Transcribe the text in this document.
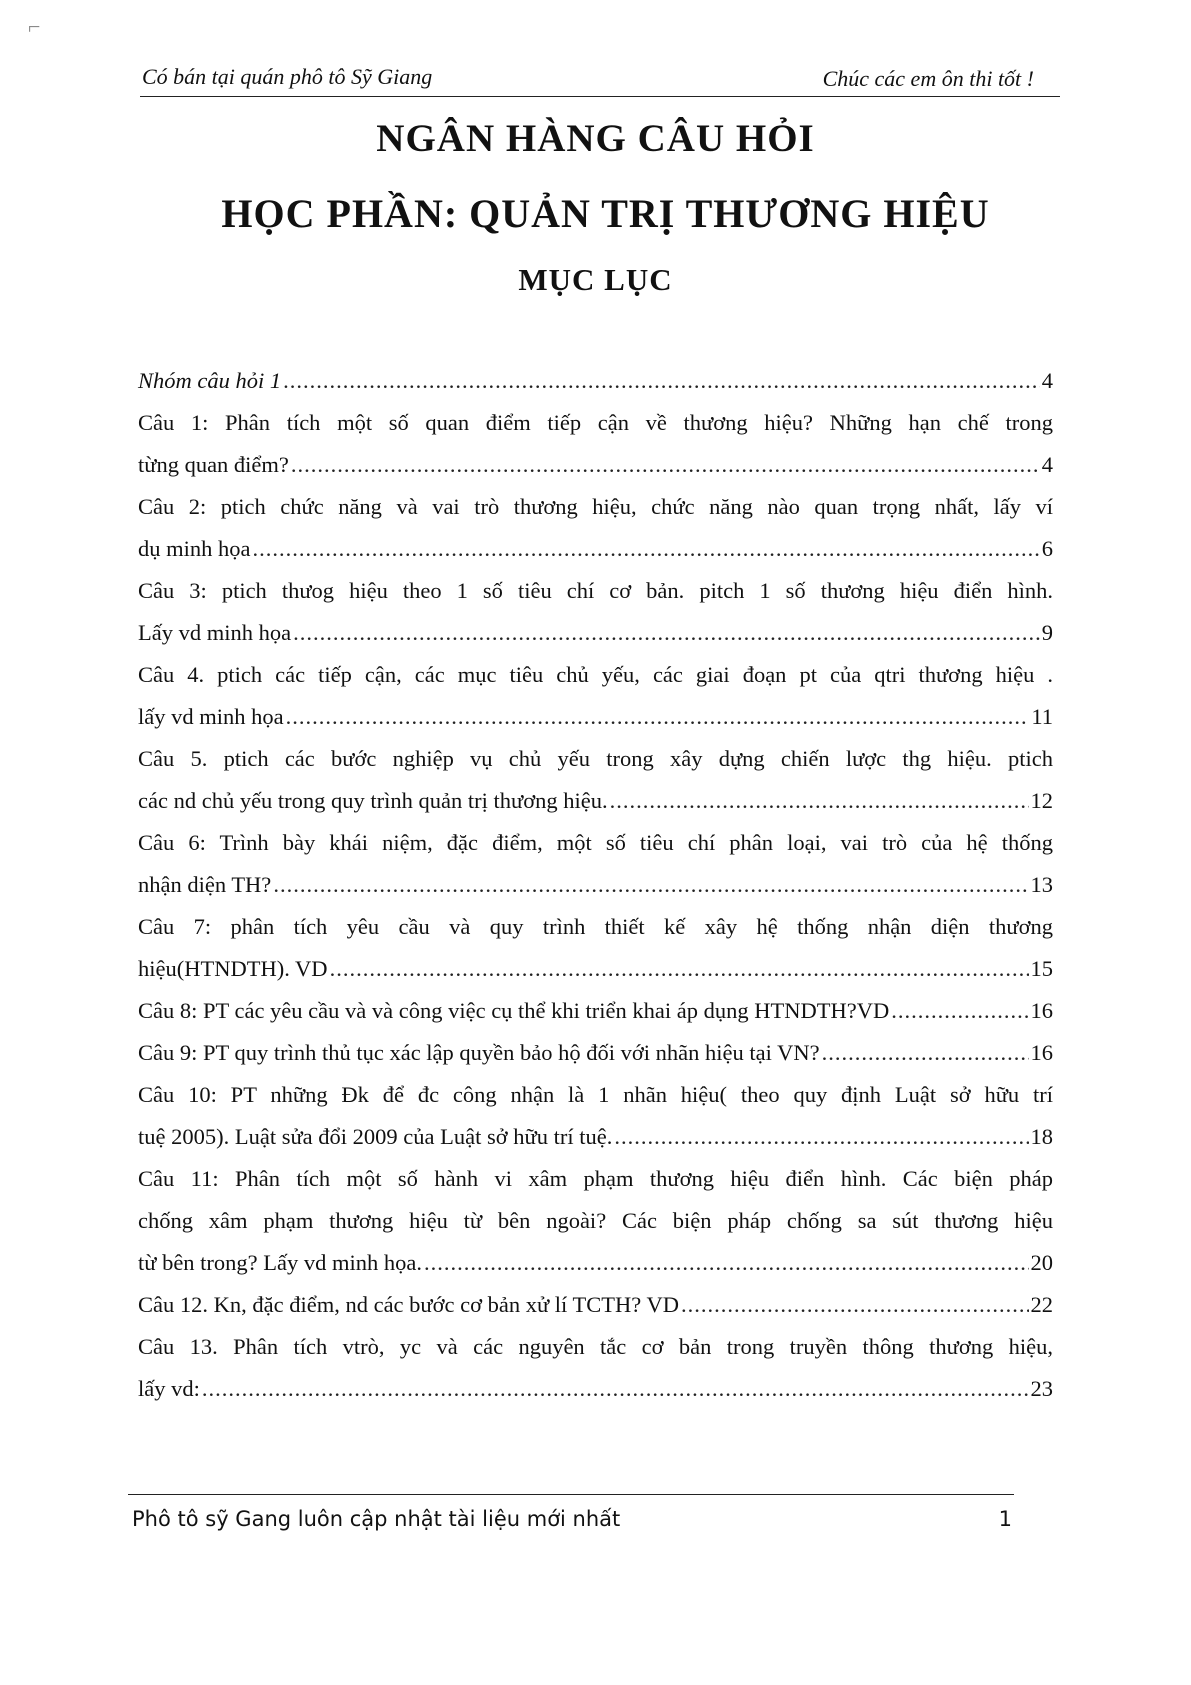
⌐
Có bán tại quán phô tô Sỹ Giang	Chúc các em ôn thi tốt !
NGÂN HÀNG CÂU HỎI
HỌC PHẦN: QUẢN TRỊ THƯƠNG HIỆU
MỤC LỤC
Nhóm câu hỏi 1 .....	4
Câu 1: Phân tích một số quan điểm tiếp cận về thương hiệu? Những hạn chế trong
từng quan điểm? .....	4
Câu 2: ptich chức năng và vai trò thương hiệu, chức năng nào quan trọng nhất, lấy ví
dụ minh họa .....	6
Câu 3: ptich thưog hiệu theo 1 số tiêu chí cơ bản. pitch 1 số thương hiệu điển hình.
Lấy vd minh họa .....	9
Câu 4. ptich các tiếp cận, các mục tiêu chủ yếu, các giai đoạn pt của qtri thương hiệu .
lấy vd minh họa .....	11
Câu 5. ptich các bước nghiệp vụ chủ yếu trong xây dựng chiến lược thg hiệu. ptich
các nd chủ yếu trong quy trình quản trị thương hiệu. .....	12
Câu 6: Trình bày khái niệm, đặc điểm, một số tiêu chí phân loại, vai trò của hệ thống
nhận diện TH? .....	13
Câu 7: phân tích yêu cầu và quy trình thiết kế xây hệ thống nhận diện thương
hiệu(HTNDTH). VD .....	15
Câu 8: PT các yêu cầu và và công việc cụ thể khi triển khai áp dụng HTNDTH?VD .....	16
Câu 9: PT quy trình thủ tục xác lập quyền bảo hộ đối với nhãn hiệu tại VN? .....	16
Câu 10: PT những Đk để đc công nhận là 1 nhãn hiệu( theo quy định Luật sở hữu trí
tuệ 2005). Luật sửa đổi 2009 của Luật sở hữu trí tuệ. .....	18
Câu 11: Phân tích một số hành vi xâm phạm thương hiệu điển hình. Các biện pháp
chống xâm phạm thương hiệu từ bên ngoài? Các biện pháp chống sa sút thương hiệu
từ bên trong? Lấy vd minh họa. .....	20
Câu 12. Kn, đặc điểm, nd các bước cơ bản xử lí TCTH? VD .....	22
Câu 13. Phân tích vtrò, yc và các nguyên tắc cơ bản trong truyền thông thương hiệu,
lấy vd: .....	23
Phô tô sỹ Gang luôn cập nhật tài liệu mới nhất	1
